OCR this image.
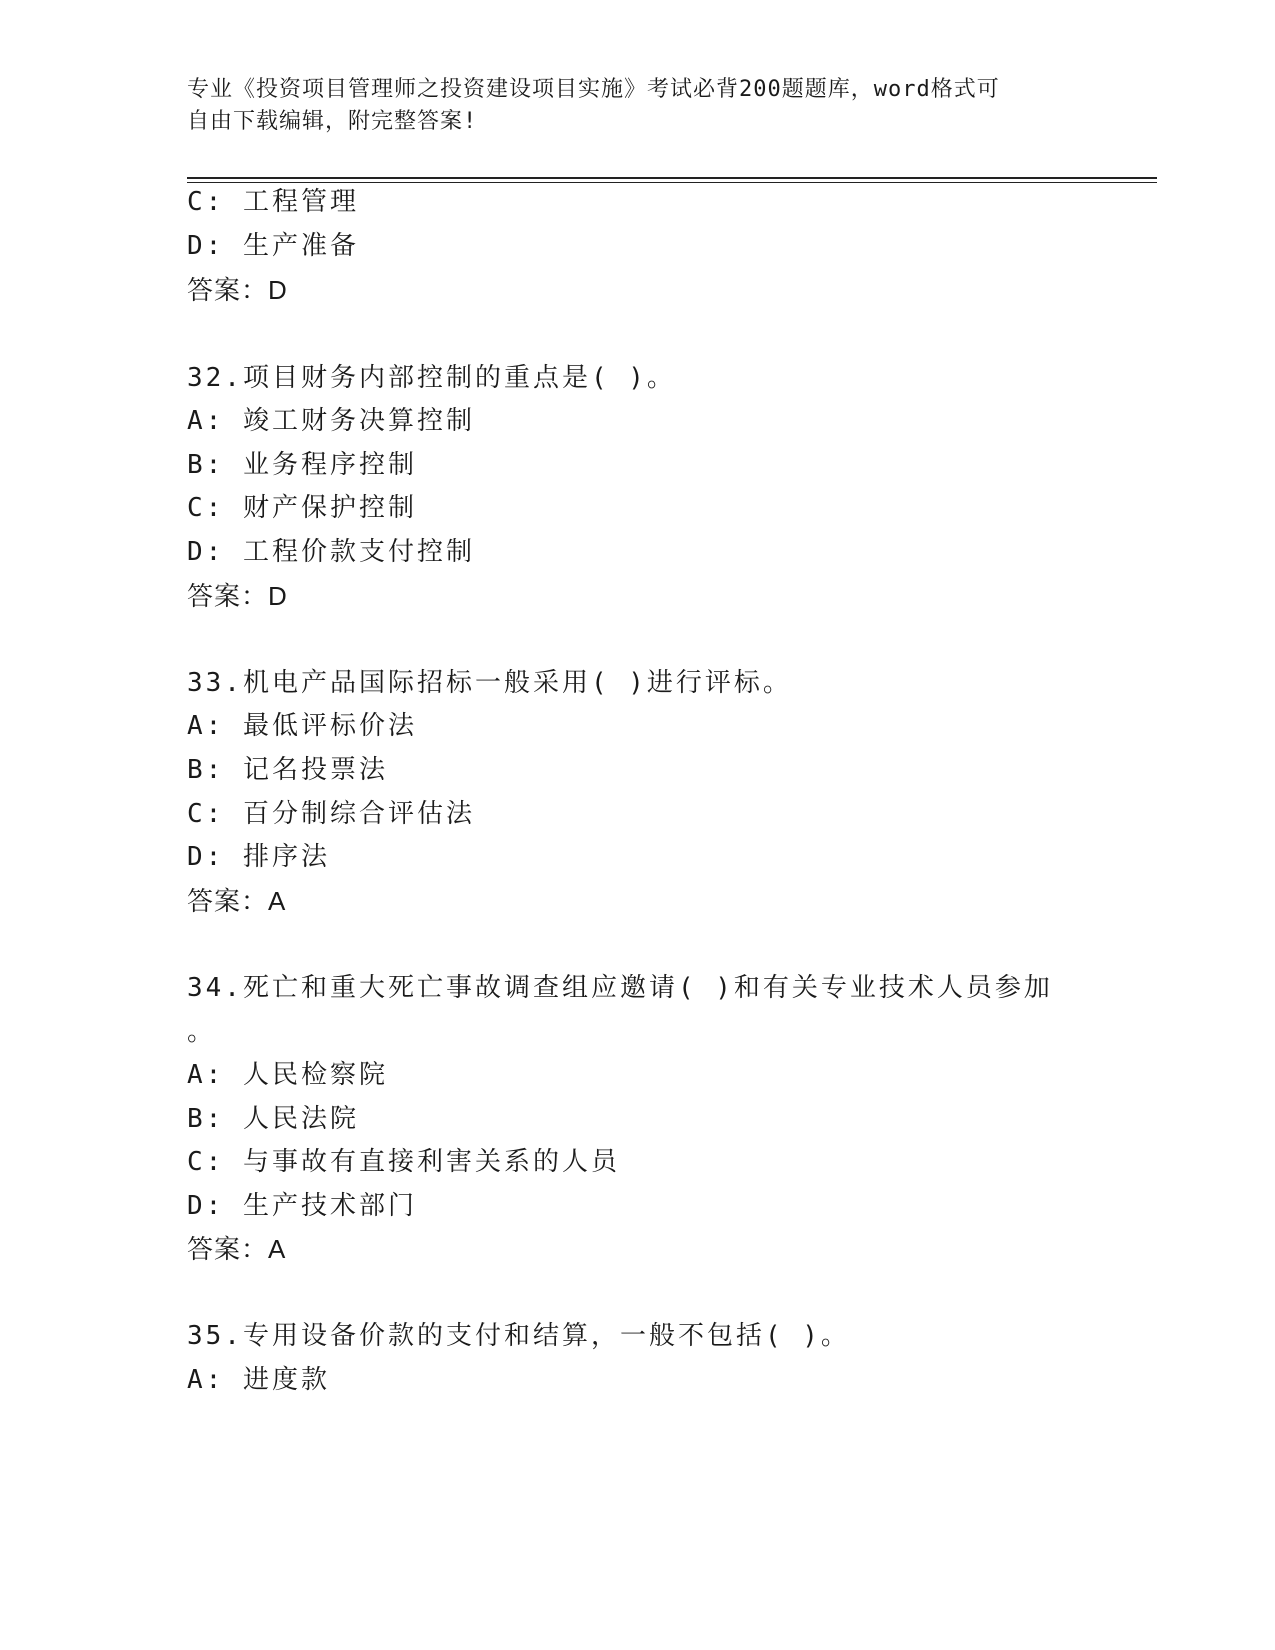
专业《投资项目管理师之投资建设项目实施》考试必背200题题库，word格式可
自由下载编辑，附完整答案!
C: 工程管理
D: 生产准备
答案：D
32.项目财务内部控制的重点是( )。
A: 竣工财务决算控制
B: 业务程序控制
C: 财产保护控制
D: 工程价款支付控制
答案：D
33.机电产品国际招标一般采用( )进行评标。
A: 最低评标价法
B: 记名投票法
C: 百分制综合评估法
D: 排序法
答案：A
34.死亡和重大死亡事故调查组应邀请( )和有关专业技术人员参加
。
A: 人民检察院
B: 人民法院
C: 与事故有直接利害关系的人员
D: 生产技术部门
答案：A
35.专用设备价款的支付和结算，一般不包括( )。
A: 进度款
